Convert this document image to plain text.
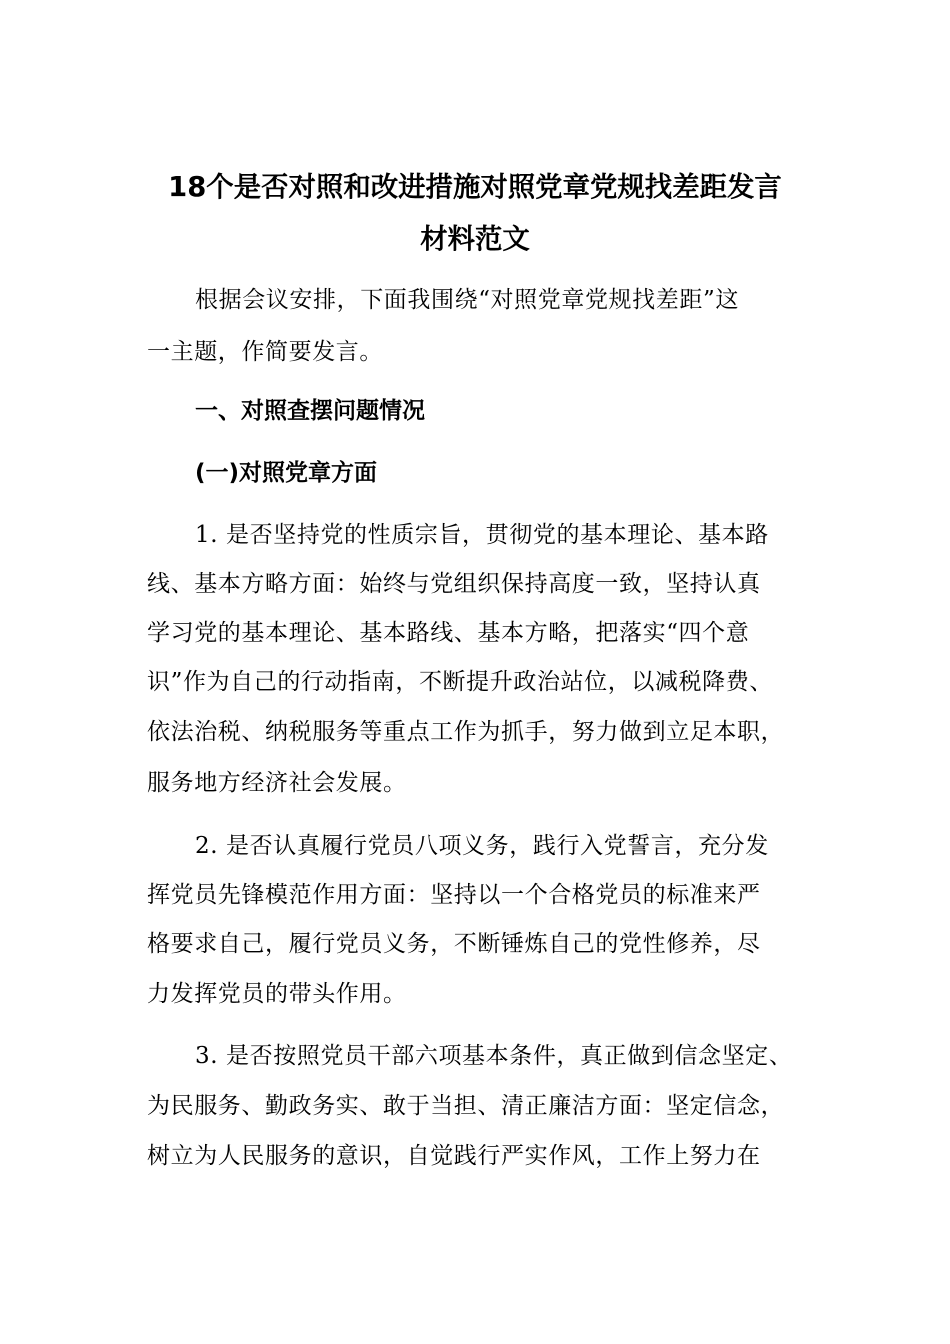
18个是否对照和改进措施对照党章党规找差距发言
材料范文
根据会议安排，下面我围绕“对照党章党规找差距”这
一主题，作简要发言。
一、对照查摆问题情况
(一)对照党章方面
1. 是否坚持党的性质宗旨，贯彻党的基本理论、基本路
线、基本方略方面：始终与党组织保持高度一致，坚持认真
学习党的基本理论、基本路线、基本方略，把落实“四个意
识”作为自己的行动指南，不断提升政治站位，以减税降费、
依法治税、纳税服务等重点工作为抓手，努力做到立足本职，
服务地方经济社会发展。
2. 是否认真履行党员八项义务，践行入党誓言，充分发
挥党员先锋模范作用方面：坚持以一个合格党员的标准来严
格要求自己，履行党员义务，不断锤炼自己的党性修养，尽
力发挥党员的带头作用。
3. 是否按照党员干部六项基本条件，真正做到信念坚定、
为民服务、勤政务实、敢于当担、清正廉洁方面：坚定信念，
树立为人民服务的意识，自觉践行严实作风，工作上努力在
